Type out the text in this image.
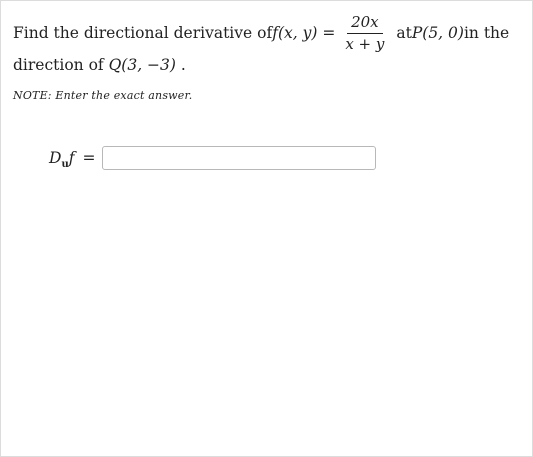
Find the directional derivative of f(x, $y) = \frac{20x}{x + y}$ at P(5, 0) in the
direction of Q(3, −3) .
NOTE: Enter the exact answer.
$D_uf$ =
